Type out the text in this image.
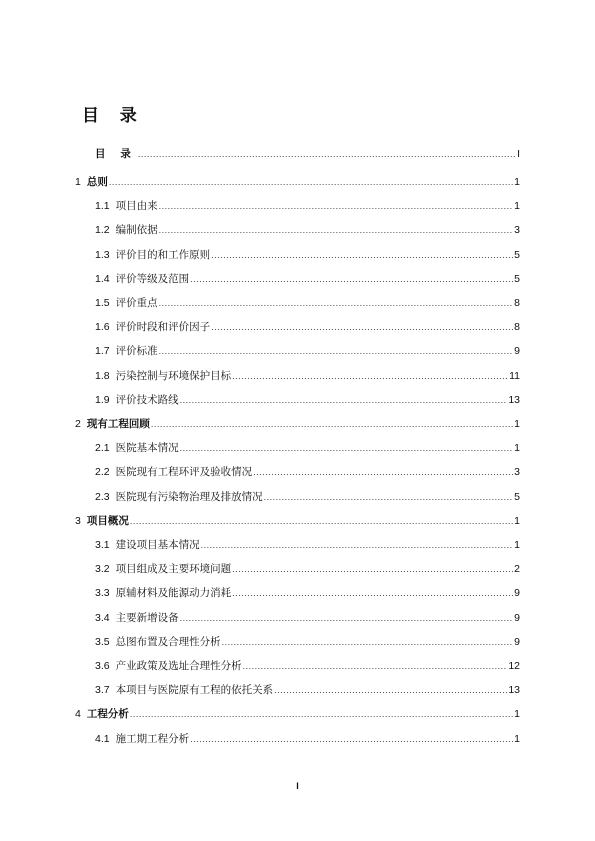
目 录
目 录 .....	I
1 总则 .....	1
1.1 项目由来 .....	1
1.2 编制依据 .....	3
1.3 评价目的和工作原则 .....	5
1.4 评价等级及范围 .....	5
1.5 评价重点 .....	8
1.6 评价时段和评价因子 .....	8
1.7 评价标准 .....	9
1.8 污染控制与环境保护目标 .....	11
1.9 评价技术路线 .....	13
2 现有工程回顾 .....	1
2.1 医院基本情况 .....	1
2.2 医院现有工程环评及验收情况 .....	3
2.3 医院现有污染物治理及排放情况 .....	5
3 项目概况 .....	1
3.1 建设项目基本情况 .....	1
3.2 项目组成及主要环境问题 .....	2
3.3 原辅材料及能源动力消耗 .....	9
3.4 主要新增设备 .....	9
3.5 总图布置及合理性分析 .....	9
3.6 产业政策及选址合理性分析 .....	12
3.7 本项目与医院原有工程的依托关系 .....	13
4 工程分析 .....	1
4.1 施工期工程分析 .....	1
I
